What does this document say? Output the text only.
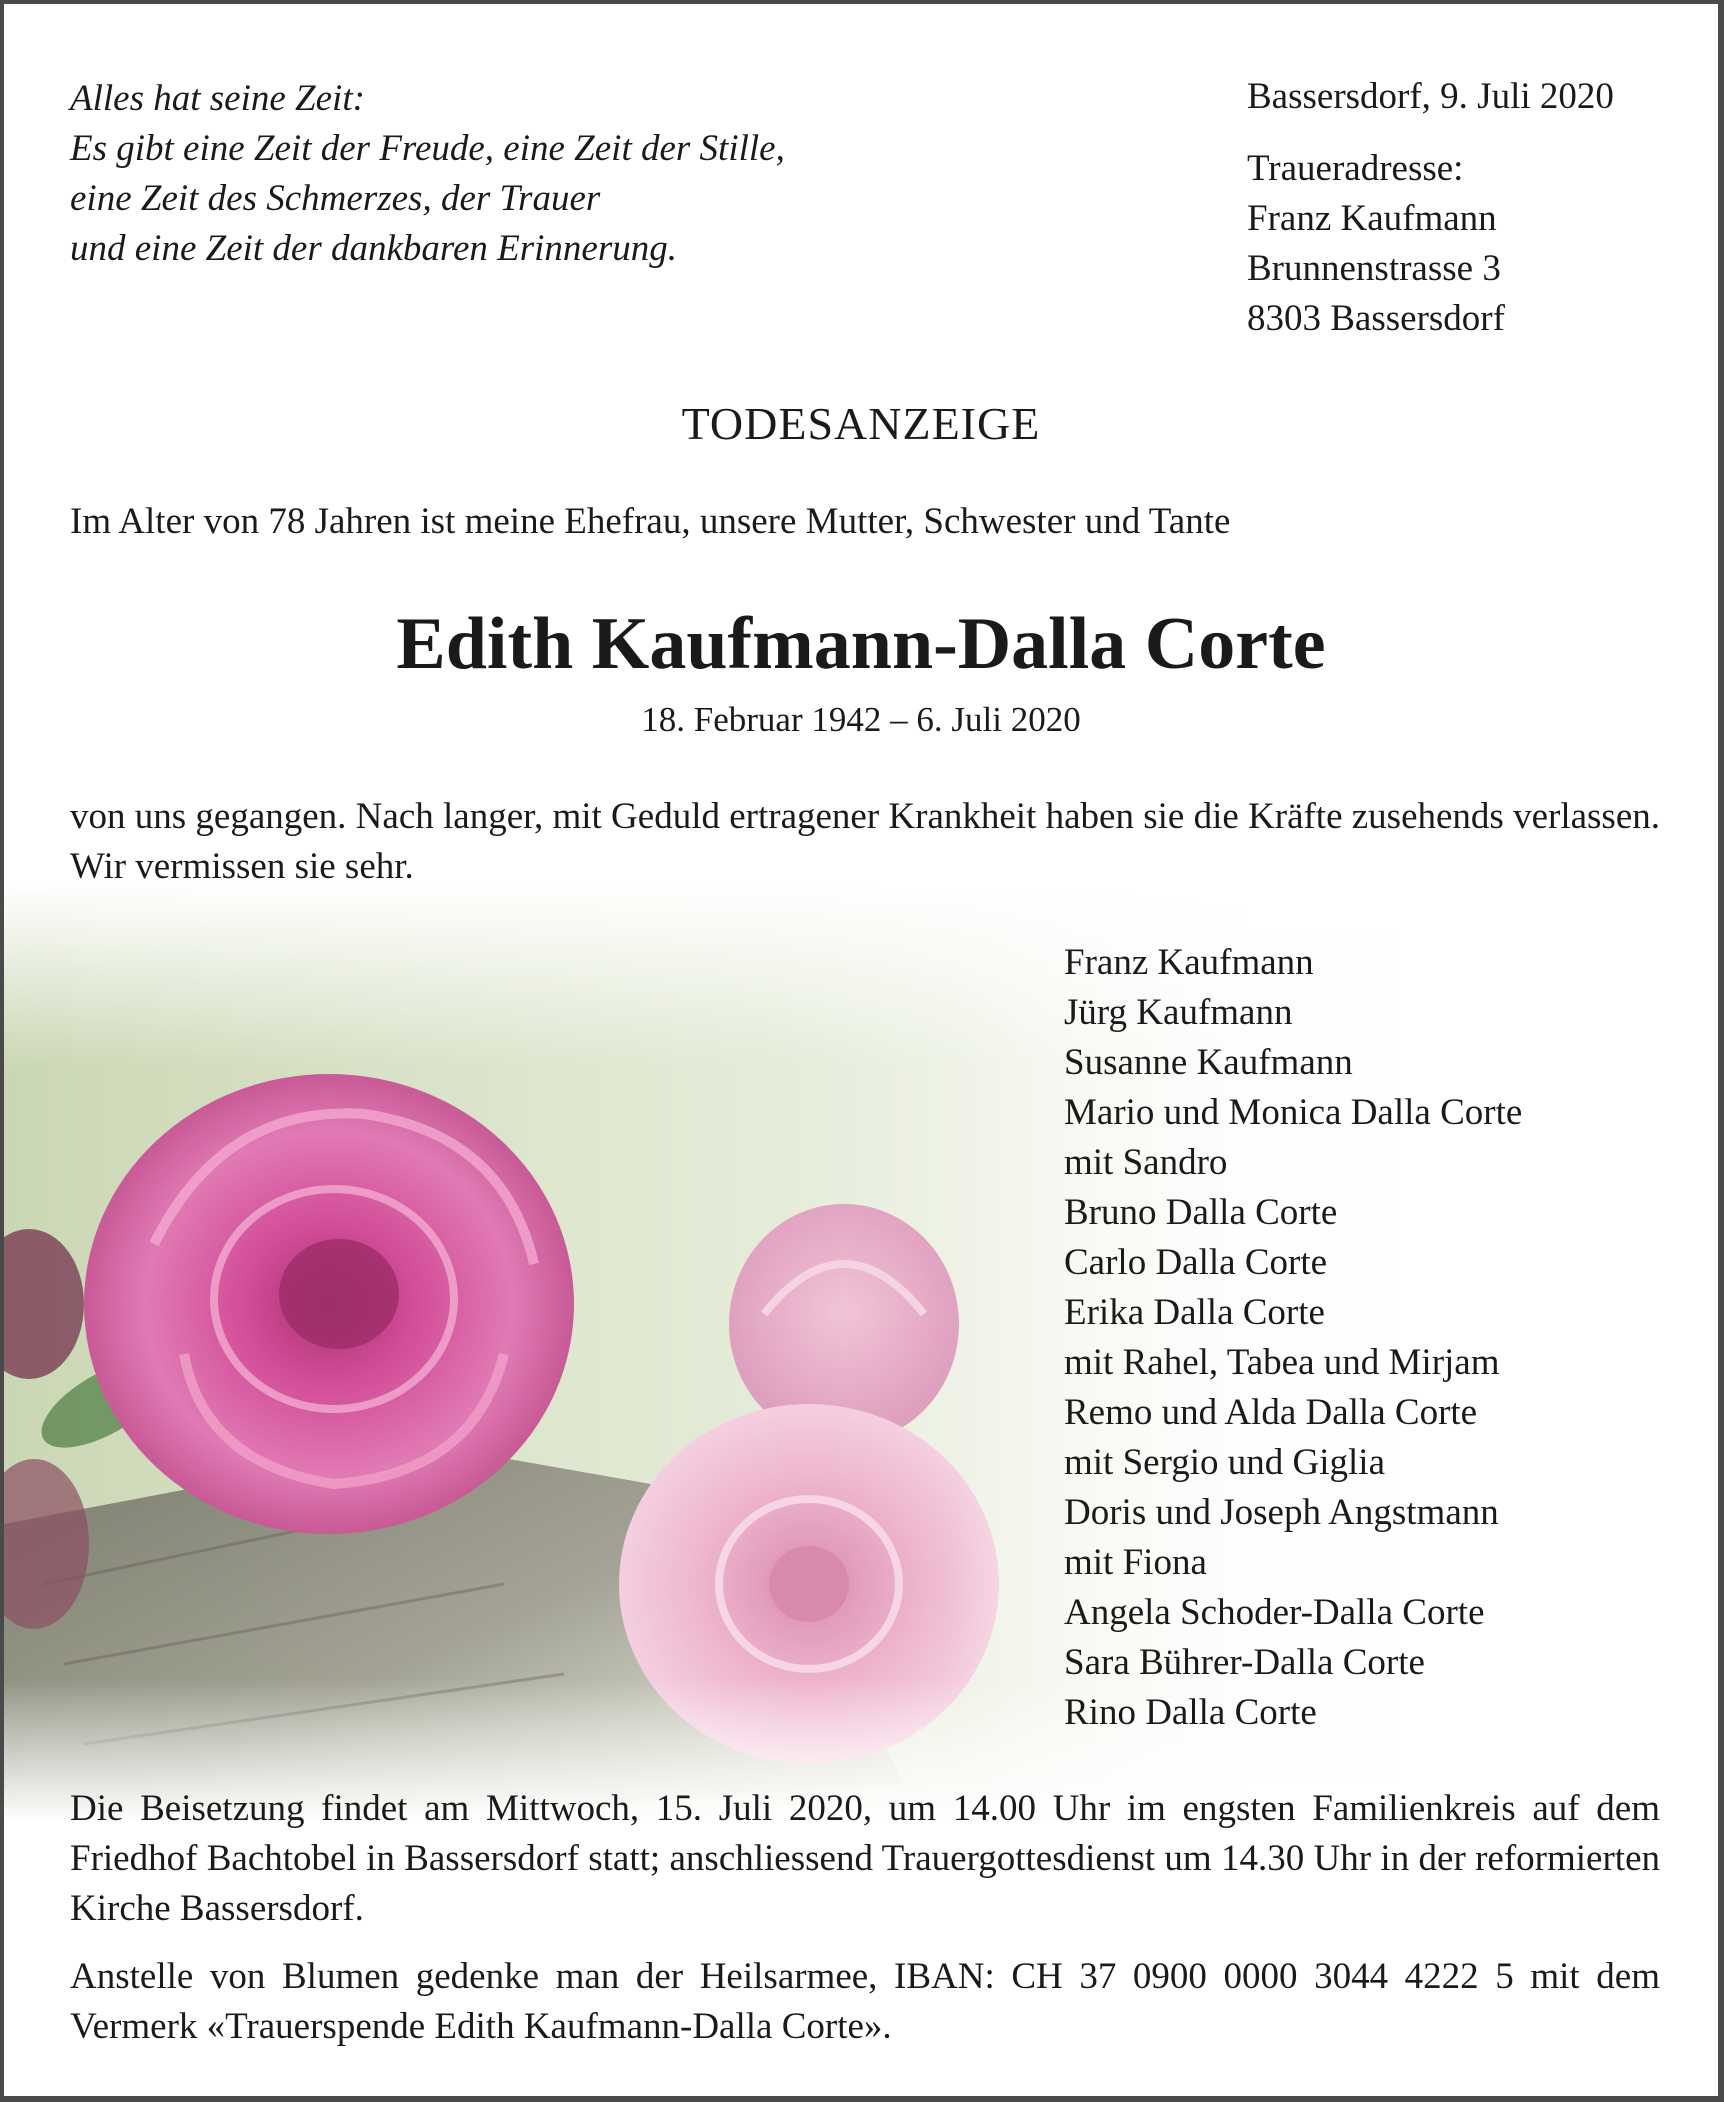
Alles hat seine Zeit:
Es gibt eine Zeit der Freude, eine Zeit der Stille,
eine Zeit des Schmerzes, der Trauer
und eine Zeit der dankbaren Erinnerung.
Bassersdorf, 9. Juli 2020
Traueradresse:
Franz Kaufmann
Brunnenstrasse 3
8303 Bassersdorf
TODESANZEIGE
Im Alter von 78 Jahren ist meine Ehefrau, unsere Mutter, Schwester und Tante
Edith Kaufmann-Dalla Corte
18. Februar 1942 – 6. Juli 2020
von uns gegangen. Nach langer, mit Geduld ertragener Krankheit haben sie die Kräfte zusehends verlassen. Wir vermissen sie sehr.
Franz Kaufmann
Jürg Kaufmann
Susanne Kaufmann
Mario und Monica Dalla Corte
mit Sandro
Bruno Dalla Corte
Carlo Dalla Corte
Erika Dalla Corte
mit Rahel, Tabea und Mirjam
Remo und Alda Dalla Corte
mit Sergio und Giglia
Doris und Joseph Angstmann
mit Fiona
Angela Schoder-Dalla Corte
Sara Bührer-Dalla Corte
Rino Dalla Corte
Die Beisetzung findet am Mittwoch, 15. Juli 2020, um 14.00 Uhr im engsten Familienkreis auf dem Friedhof Bachtobel in Bassersdorf statt; anschliessend Trauergottesdienst um 14.30 Uhr in der reformierten Kirche Bassersdorf.
Anstelle von Blumen gedenke man der Heilsarmee, IBAN: CH 37 0900 0000 3044 4222 5 mit dem Vermerk «Trauerspende Edith Kaufmann-Dalla Corte».
